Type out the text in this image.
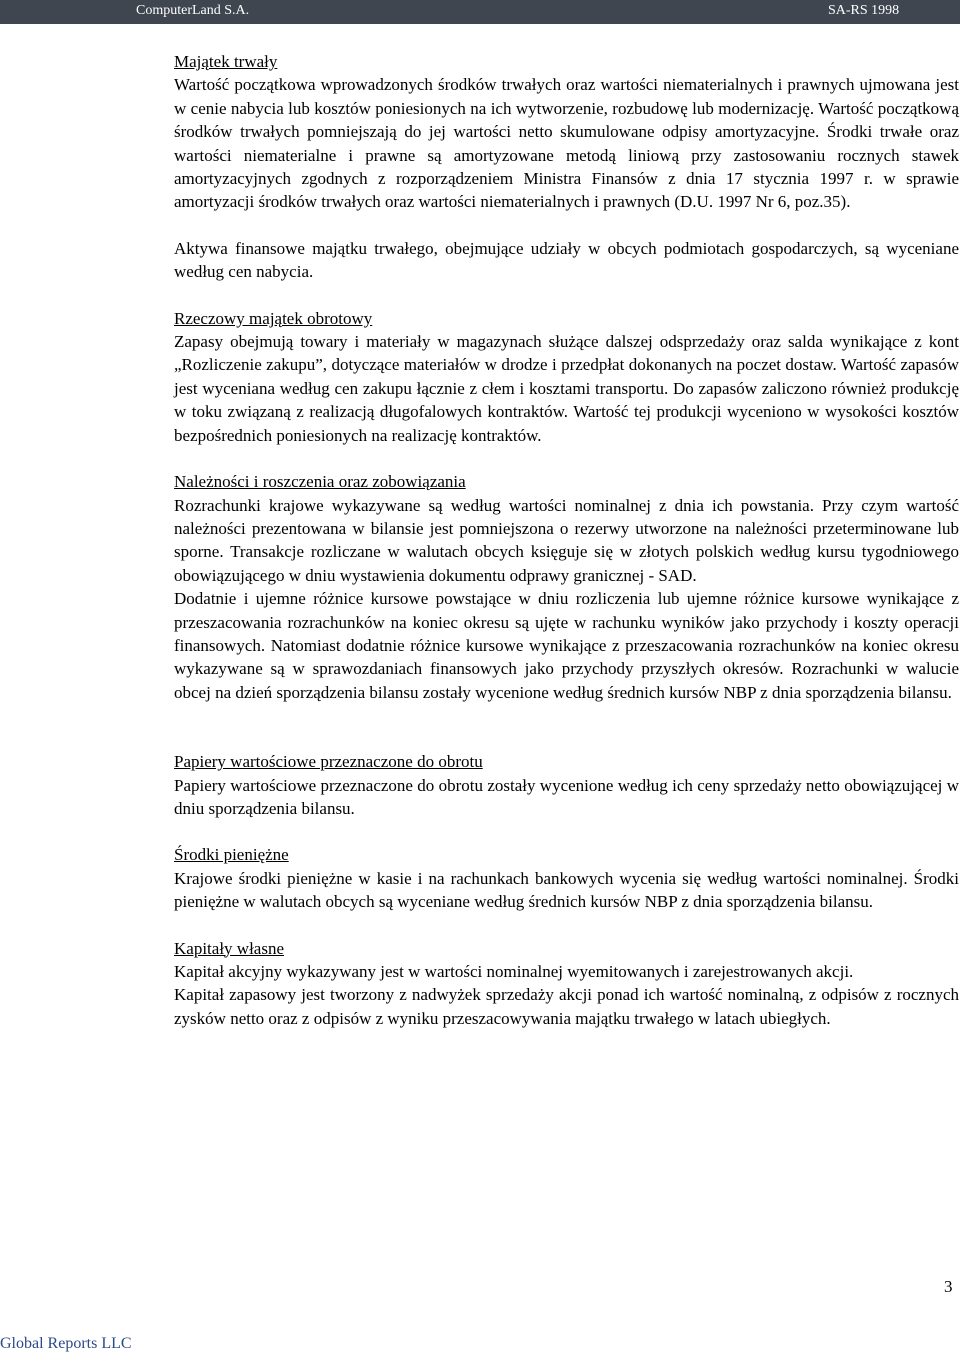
ComputerLand S.A.	SA-RS 1998

Majątek trwały

Wartość początkowa wprowadzonych środków trwałych oraz wartości niematerialnych i prawnych ujmowana jest w cenie nabycia lub kosztów poniesionych na ich wytworzenie, rozbudowę lub modernizację. Wartość początkową środków trwałych pomniejszają do jej wartości netto skumulowane odpisy amortyzacyjne. Środki trwałe oraz wartości niematerialne i prawne są amortyzowane metodą liniową przy zastosowaniu rocznych stawek amortyzacyjnych zgodnych z rozporządzeniem Ministra Finansów z dnia 17 stycznia 1997 r. w sprawie amortyzacji środków trwałych oraz wartości niematerialnych i prawnych (D.U. 1997 Nr 6, poz.35).

Aktywa finansowe majątku trwałego, obejmujące udziały w obcych podmiotach gospodarczych, są wyceniane według cen nabycia.

Rzeczowy majątek obrotowy

Zapasy obejmują towary i materiały w magazynach służące dalszej odsprzedaży oraz salda wynikające z kont „Rozliczenie zakupu”, dotyczące materiałów w drodze i przedpłat dokonanych na poczet dostaw. Wartość zapasów jest wyceniana według cen zakupu łącznie z cłem i kosztami transportu. Do zapasów zaliczono również produkcję w toku związaną z realizacją długofalowych kontraktów. Wartość tej produkcji wyceniono w wysokości kosztów bezpośrednich poniesionych na realizację kontraktów.

Należności i roszczenia oraz zobowiązania

Rozrachunki krajowe wykazywane są według wartości nominalnej z dnia ich powstania. Przy czym wartość należności prezentowana w bilansie jest pomniejszona o rezerwy utworzone na należności przeterminowane lub sporne. Transakcje rozliczane w walutach obcych księguje się w złotych polskich według kursu tygodniowego obowiązującego w dniu wystawienia dokumentu odprawy granicznej - SAD.

Dodatnie i ujemne różnice kursowe powstające w dniu rozliczenia lub ujemne różnice kursowe wynikające z przeszacowania rozrachunków na koniec okresu są ujęte w rachunku wyników jako przychody i koszty operacji finansowych. Natomiast dodatnie różnice kursowe wynikające z przeszacowania rozrachunków na koniec okresu wykazywane są w sprawozdaniach finansowych jako przychody przyszłych okresów. Rozrachunki w walucie obcej na dzień sporządzenia bilansu zostały wycenione według średnich kursów NBP z dnia sporządzenia bilansu.

Papiery wartościowe przeznaczone do obrotu

Papiery wartościowe przeznaczone do obrotu zostały wycenione według ich ceny sprzedaży netto obowiązującej w dniu sporządzenia bilansu.

Środki pieniężne

Krajowe środki pieniężne w kasie i na rachunkach bankowych wycenia się według wartości nominalnej. Środki pieniężne w walutach obcych są wyceniane według średnich kursów NBP z dnia sporządzenia bilansu.

Kapitały własne

Kapitał akcyjny wykazywany jest w wartości nominalnej wyemitowanych i zarejestrowanych akcji.

Kapitał zapasowy jest tworzony z nadwyżek sprzedaży akcji ponad ich wartość nominalną, z odpisów z rocznych zysków netto oraz z odpisów z wyniku przeszacowywania majątku trwałego w latach ubiegłych.

3
Global Reports LLC
